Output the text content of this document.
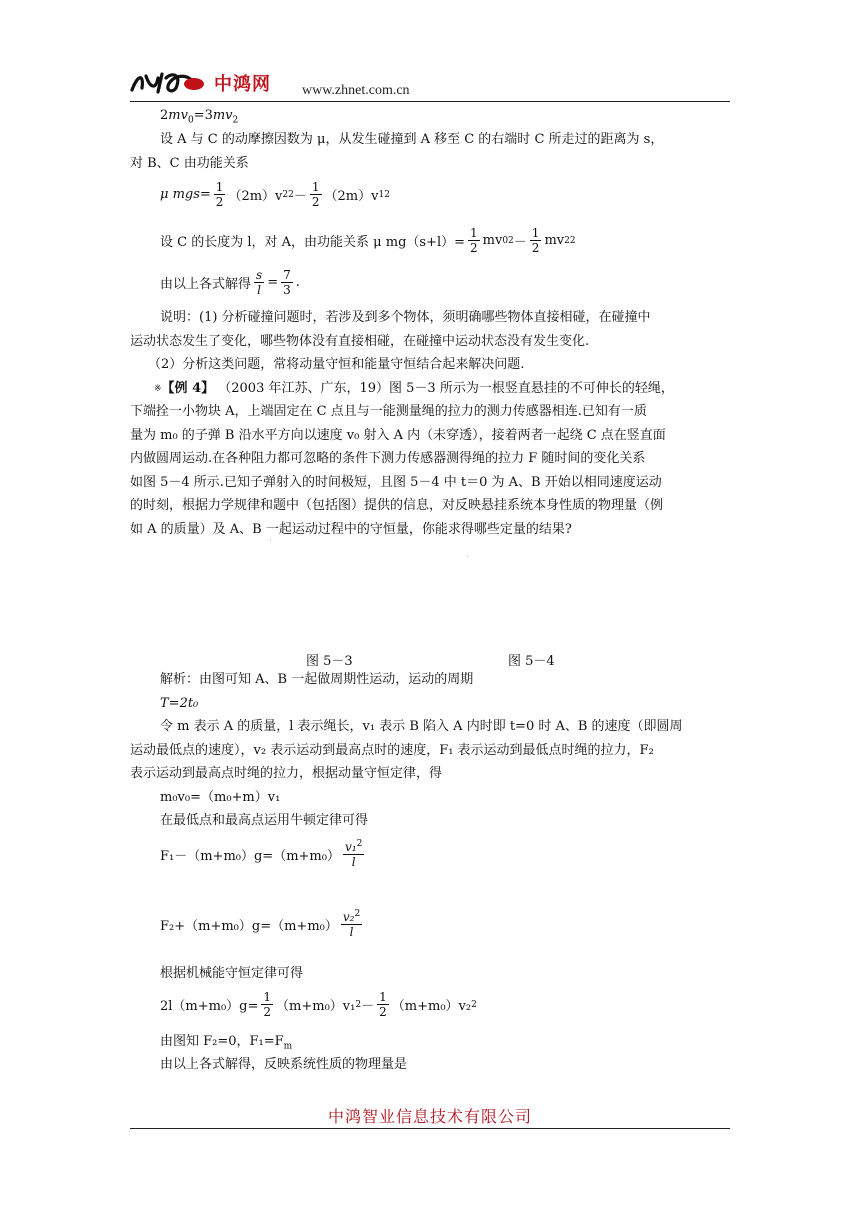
中鸿网 www.zhnet.com.cn
$2mv_0=3mv_2$
设 A 与 C 的动摩擦因数为 μ，从发生碰撞到 A 移至 C 的右端时 C 所走过的距离为 s，
对 B、C 由功能关系
μ $mgs= \frac{1}{2} (2m)v$ 2 $2 - \frac{1}{2} (2m)v$ 1 2
设 C 的长度为 l，对 A，由功能关系 μ $mg(s+l)= \frac{1}{2}$ mv 0 $2 - \frac{1}{2}$ mv 2 2
由以上各式解得 $\frac{s}{l} = \frac{7}{3}$ .
说明：(1) 分析碰撞问题时，若涉及到多个物体，须明确哪些物体直接相碰，在碰撞中
运动状态发生了变化，哪些物体没有直接相碰，在碰撞中运动状态没有发生变化.
（2）分析这类问题，常将动量守恒和能量守恒结合起来解决问题.
※【例 4】 （2003 年江苏、广东，19）图 5－3 所示为一根竖直悬挂的不可伸长的轻绳，
下端拴一小物块 A，上端固定在 C 点且与一能测量绳的拉力的测力传感器相连.已知有一质
量为 m₀ 的子弹 B 沿水平方向以速度 v₀ 射入 A 内（未穿透），接着两者一起绕 C 点在竖直面
内做圆周运动.在各种阻力都可忽略的条件下测力传感器测得绳的拉力 F 随时间的变化关系
如图 5－4 所示.已知子弹射入的时间极短，且图 5－4 中 t＝0 为 A、B 开始以相同速度运动
的时刻，根据力学规律和题中（包括图）提供的信息，对反映悬挂系统本身性质的物理量（例
如 A 的质量）及 A、B 一起运动过程中的守恒量，你能求得哪些定量的结果?
图 5－3	图 5－4
解析：由图可知 A、B 一起做周期性运动，运动的周期
T=2t₀
令 m 表示 A 的质量，l 表示绳长，v₁ 表示 B 陷入 A 内时即 t=0 时 A、B 的速度（即圆周
运动最低点的速度），v₂ 表示运动到最高点时的速度，F₁ 表示运动到最低点时绳的拉力，F₂
表示运动到最高点时绳的拉力，根据动量守恒定律，得
m₀v₀=（m₀+m）v₁
在最低点和最高点运用牛顿定律可得
$F_1-(m+m_0)g=(m+m_0) \frac{v_1^2}{l}$
$F_2+(m+m_0)g=(m+m_0) \frac{v_2^2}{l}$
根据机械能守恒定律可得
$2l(m+m_0)g= \frac{1}{2} (m+m_0)v_1$ $2 - \frac{1}{2} (m+m_0)v_2$ 2
由图知 F₂=0，$F_1=F_m$
由以上各式解得，反映系统性质的物理量是
中鸿智业信息技术有限公司
